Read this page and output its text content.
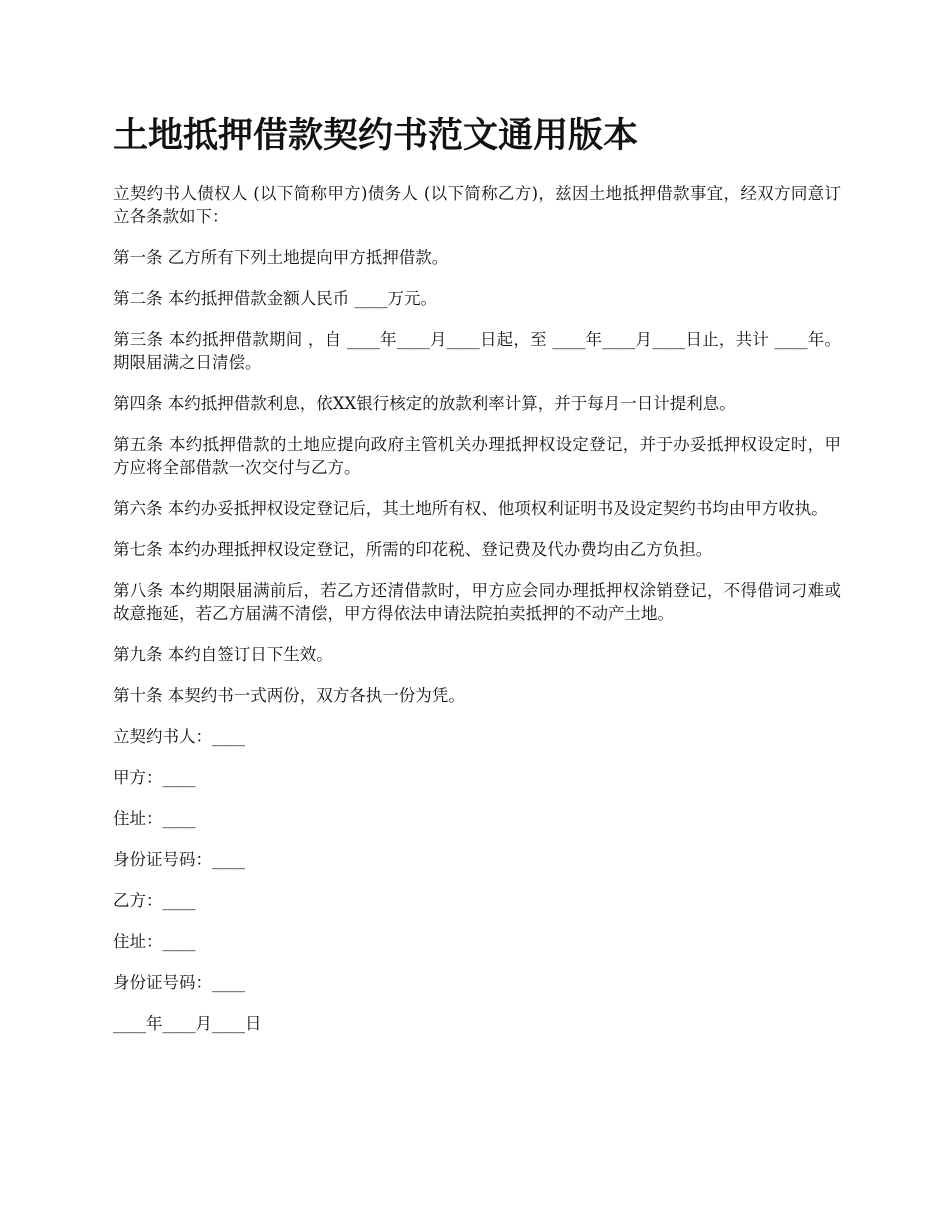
土地抵押借款契约书范文通用版本

立契约书人债权人 (以下简称甲方)债务人 (以下简称乙方)，兹因土地抵押借款事宜，经双方同意订立各条款如下：

第一条 乙方所有下列土地提向甲方抵押借款。

第二条 本约抵押借款金额人民币 ____万元。

第三条 本约抵押借款期间 ，自 ____年____月____日起，至 ____年____月____日止，共计 ____年。期限届满之日清偿。

第四条 本约抵押借款利息，依XX银行核定的放款利率计算，并于每月一日计提利息。

第五条 本约抵押借款的土地应提向政府主管机关办理抵押权设定登记，并于办妥抵押权设定时，甲方应将全部借款一次交付与乙方。

第六条 本约办妥抵押权设定登记后，其土地所有权、他项权利证明书及设定契约书均由甲方收执。

第七条 本约办理抵押权设定登记，所需的印花税、登记费及代办费均由乙方负担。

第八条 本约期限届满前后，若乙方还清借款时，甲方应会同办理抵押权涂销登记，不得借词刁难或故意拖延，若乙方届满不清偿，甲方得依法申请法院拍卖抵押的不动产土地。

第九条 本约自签订日下生效。

第十条 本契约书一式两份，双方各执一份为凭。

立契约书人：____

甲方：____

住址：____

身份证号码：____

乙方：____

住址：____

身份证号码：____

____年____月____日
